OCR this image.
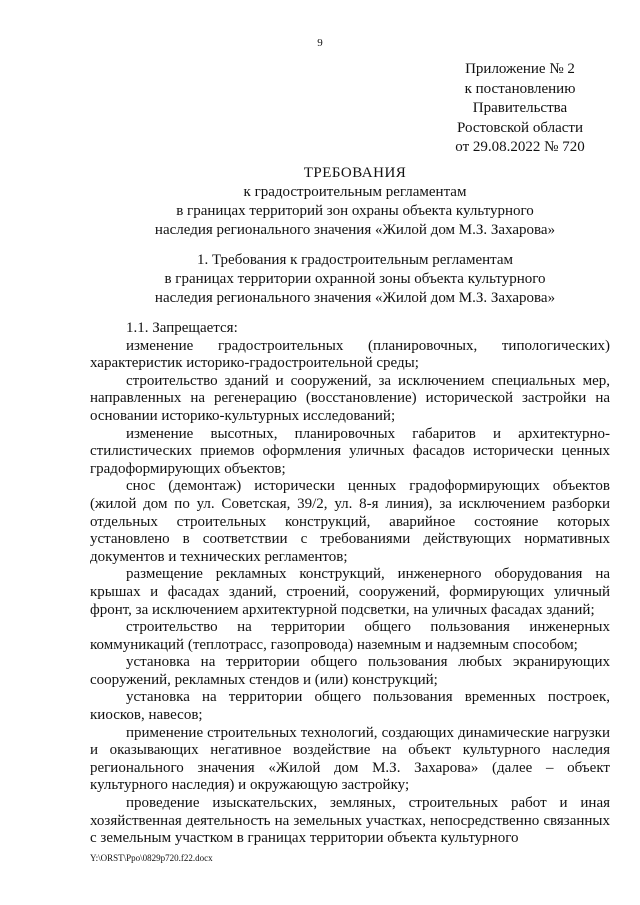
9
Приложение № 2
к постановлению
Правительства
Ростовской области
от 29.08.2022 № 720
ТРЕБОВАНИЯ
к градостроительным регламентам
в границах территорий зон охраны объекта культурного
наследия регионального значения «Жилой дом М.З. Захарова»
1. Требования к градостроительным регламентам
в границах территории охранной зоны объекта культурного
наследия регионального значения «Жилой дом М.З. Захарова»

1.1. Запрещается:

изменение градостроительных (планировочных, типологических) характеристик историко-градостроительной среды;

строительство зданий и сооружений, за исключением специальных мер, направленных на регенерацию (восстановление) исторической застройки на основании историко-культурных исследований;

изменение высотных, планировочных габаритов и архитектурно-стилистических приемов оформления уличных фасадов исторически ценных градоформирующих объектов;

снос (демонтаж) исторически ценных градоформирующих объектов (жилой дом по ул. Советская, 39/2, ул. 8-я линия), за исключением разборки отдельных строительных конструкций, аварийное состояние которых установлено в соответствии с требованиями действующих нормативных документов и технических регламентов;

размещение рекламных конструкций, инженерного оборудования на крышах и фасадах зданий, строений, сооружений, формирующих уличный фронт, за исключением архитектурной подсветки, на уличных фасадах зданий;

строительство на территории общего пользования инженерных коммуникаций (теплотрасс, газопровода) наземным и надземным способом;

установка на территории общего пользования любых экранирующих сооружений, рекламных стендов и (или) конструкций;

установка на территории общего пользования временных построек, киосков, навесов;

применение строительных технологий, создающих динамические нагрузки и оказывающих негативное воздействие на объект культурного наследия регионального значения «Жилой дом М.З. Захарова» (далее – объект культурного наследия) и окружающую застройку;

проведение изыскательских, земляных, строительных работ и иная хозяйственная деятельность на земельных участках, непосредственно связанных с земельным участком в границах территории объекта культурного

Y:\ORST\Ppo\0829p720.f22.docx
